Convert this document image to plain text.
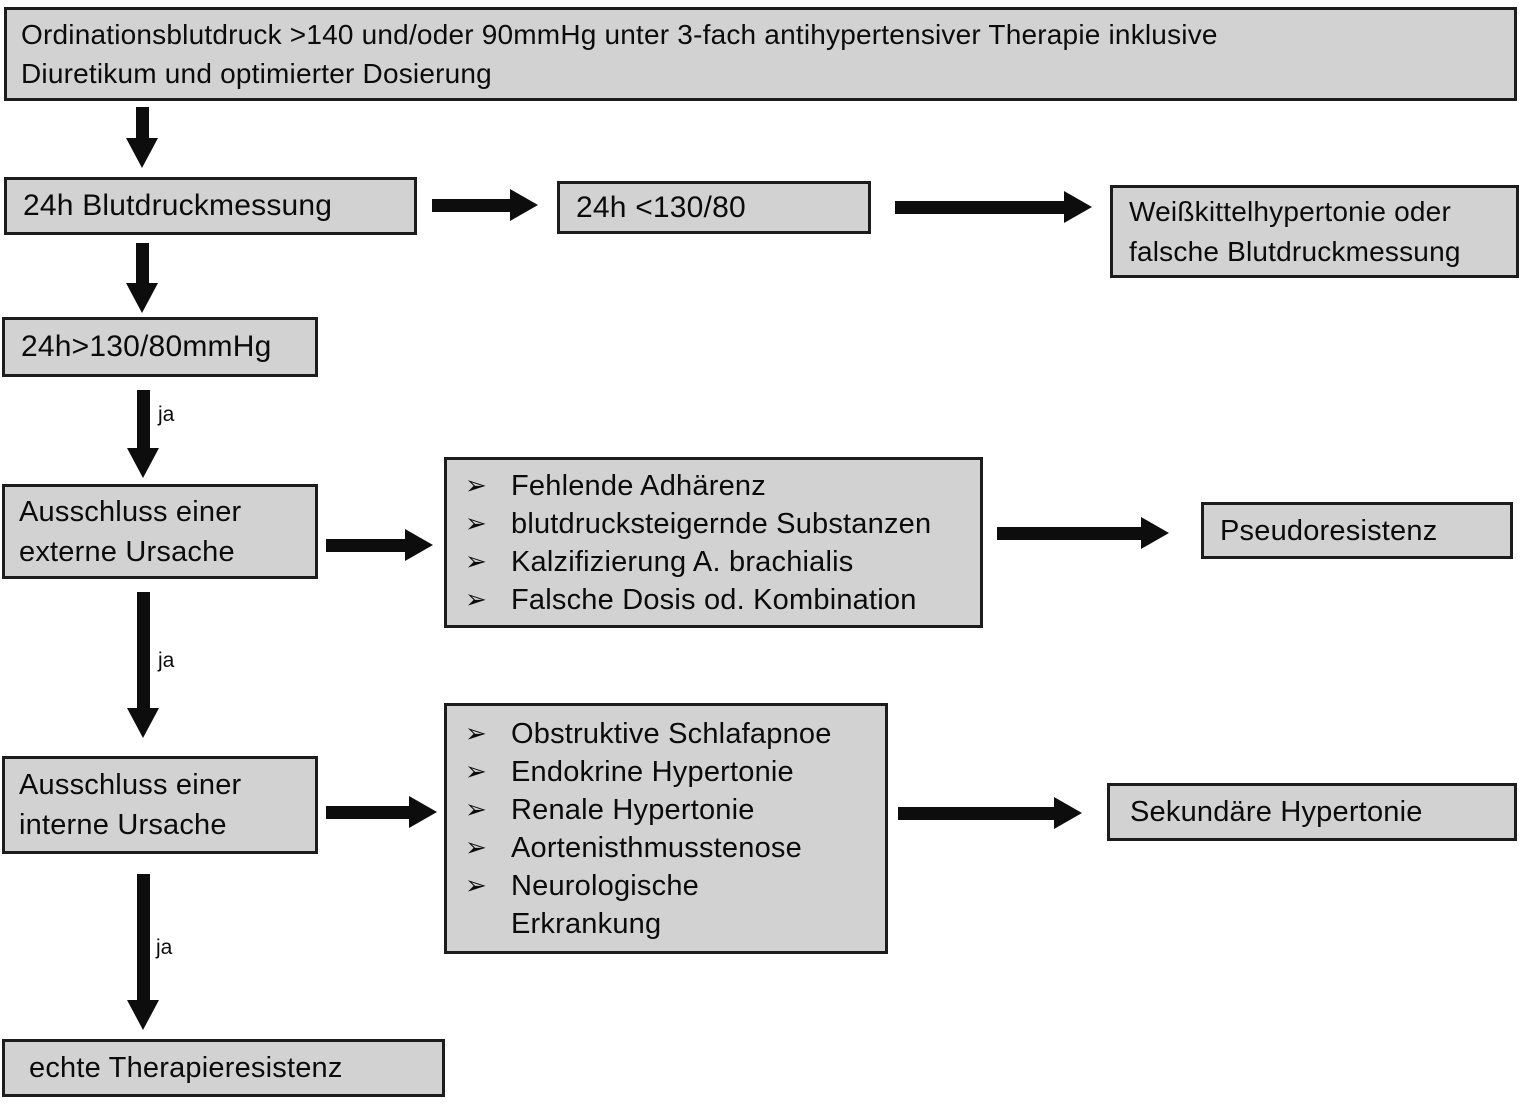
Ordinationsblutdruck >140 und/oder 90mmHg unter 3-fach antihypertensiver Therapie inklusive
Diuretikum und optimierter Dosierung
24h Blutdruckmessung	24h <130/80	Weißkittelhypertonie oder falsche Blutdruckmessung
24h>130/80mmHg
ja
Ausschluss einer externe Ursache
➢ Fehlende Adhärenz
➢ blutdrucksteigernde Substanzen
➢ Kalzifizierung A. brachialis
➢ Falsche Dosis od. Kombination
Pseudoresistenz
ja
Ausschluss einer interne Ursache
➢ Obstruktive Schlafapnoe
➢ Endokrine Hypertonie
➢ Renale Hypertonie
➢ Aortenisthmusstenose
➢ Neurologische Erkrankung
Sekundäre Hypertonie
ja
echte Therapieresistenz
